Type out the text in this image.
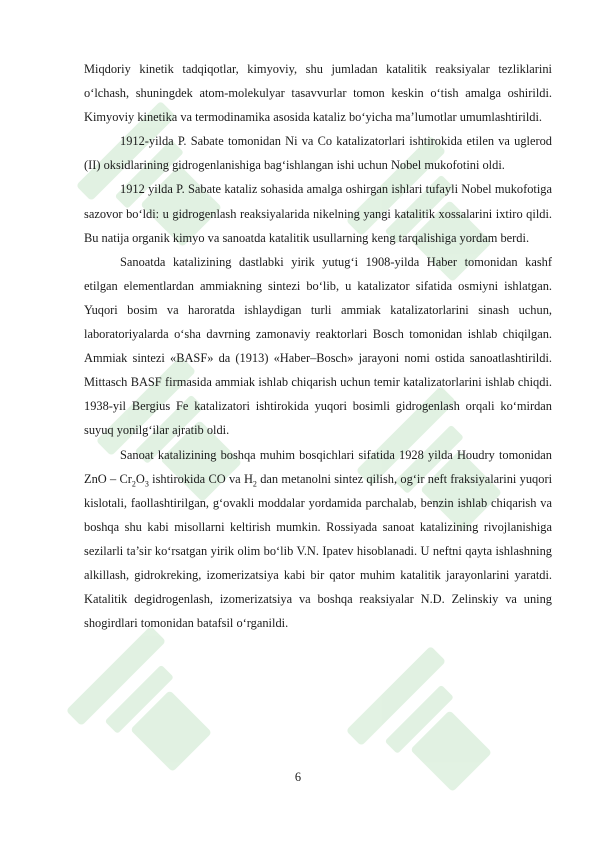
Miqdoriy kinetik tadqiqotlar, kimyoviy, shu jumladan katalitik reaksiyalar tezliklarini o‘lchash, shuningdek atom-molekulyar tasavvurlar tomon keskin o‘tish amalga oshirildi. Kimyoviy kinetika va termodinamika asosida kataliz bo‘yicha ma’lumotlar umumlashtirildi.

1912-yilda P. Sabate tomonidan Ni va Co katalizatorlari ishtirokida etilen va uglerod (II) oksidlarining gidrogenlanishiga bag‘ishlangan ishi uchun Nobel mukofotini oldi.

1912 yilda P. Sabate kataliz sohasida amalga oshirgan ishlari tufayli Nobel mukofotiga sazovor bo‘ldi: u gidrogenlash reaksiyalarida nikelning yangi katalitik xossalarini ixtiro qildi. Bu natija organik kimyo va sanoatda katalitik usullarning keng tarqalishiga yordam berdi.

Sanoatda katalizining dastlabki yirik yutug‘i 1908-yilda Haber tomonidan kashf etilgan elementlardan ammiakning sintezi bo‘lib, u katalizator sifatida osmiyni ishlatgan. Yuqori bosim va haroratda ishlaydigan turli ammiak katalizatorlarini sinash uchun, laboratoriyalarda o‘sha davrning zamonaviy reaktorlari Bosch tomonidan ishlab chiqilgan. Ammiak sintezi «BASF» da (1913) «Haber–Bosch» jarayoni nomi ostida sanoatlashtirildi. Mittasch BASF firmasida ammiak ishlab chiqarish uchun temir katalizatorlarini ishlab chiqdi. 1938-yil Bergius Fe katalizatori ishtirokida yuqori bosimli gidrogenlash orqali ko‘mirdan suyuq yonilg‘ilar ajratib oldi.

Sanoat katalizining boshqa muhim bosqichlari sifatida 1928 yilda Houdry tomonidan ZnO – $Cr_2O_3$ ishtirokida CO va $H_2$ dan metanolni sintez qilish, og‘ir neft fraksiyalarini yuqori kislotali, faollashtirilgan, g‘ovakli moddalar yordamida parchalab, benzin ishlab chiqarish va boshqa shu kabi misollarni keltirish mumkin. Rossiyada sanoat katalizining rivojlanishiga sezilarli ta’sir ko‘rsatgan yirik olim bo‘lib V.N. Ipatev hisoblanadi. U neftni qayta ishlashning alkillash, gidrokreking, izomerizatsiya kabi bir qator muhim katalitik jarayonlarini yaratdi. Katalitik degidrogenlash, izomerizatsiya va boshqa reaksiyalar N.D. Zelinskiy va uning shogirdlari tomonidan batafsil o‘rganildi.

6
